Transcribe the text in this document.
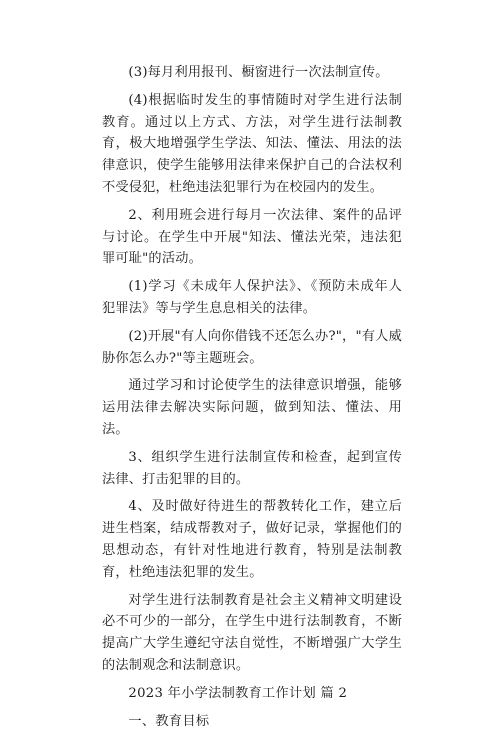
(3)每月利用报刊、橱窗进行一次法制宣传。

(4)根据临时发生的事情随时对学生进行法制教育。通过以上方式、方法，对学生进行法制教育，极大地增强学生学法、知法、懂法、用法的法律意识，使学生能够用法律来保护自己的合法权利不受侵犯，杜绝违法犯罪行为在校园内的发生。

2、利用班会进行每月一次法律、案件的品评与讨论。在学生中开展"知法、懂法光荣，违法犯罪可耻"的活动。

(1)学习《未成年人保护法》、《预防未成年人犯罪法》等与学生息息相关的法律。

(2)开展"有人向你借钱不还怎么办?"，"有人威胁你怎么办?"等主题班会。

通过学习和讨论使学生的法律意识增强，能够运用法律去解决实际问题，做到知法、懂法、用法。

3、组织学生进行法制宣传和检查，起到宣传法律、打击犯罪的目的。

4、及时做好待进生的帮教转化工作，建立后进生档案，结成帮教对子，做好记录，掌握他们的思想动态，有针对性地进行教育，特别是法制教育，杜绝违法犯罪的发生。

对学生进行法制教育是社会主义精神文明建设必不可少的一部分，在学生中进行法制教育，不断提高广大学生遵纪守法自觉性，不断增强广大学生的法制观念和法制意识。

2023 年小学法制教育工作计划 篇 2

一、教育目标
